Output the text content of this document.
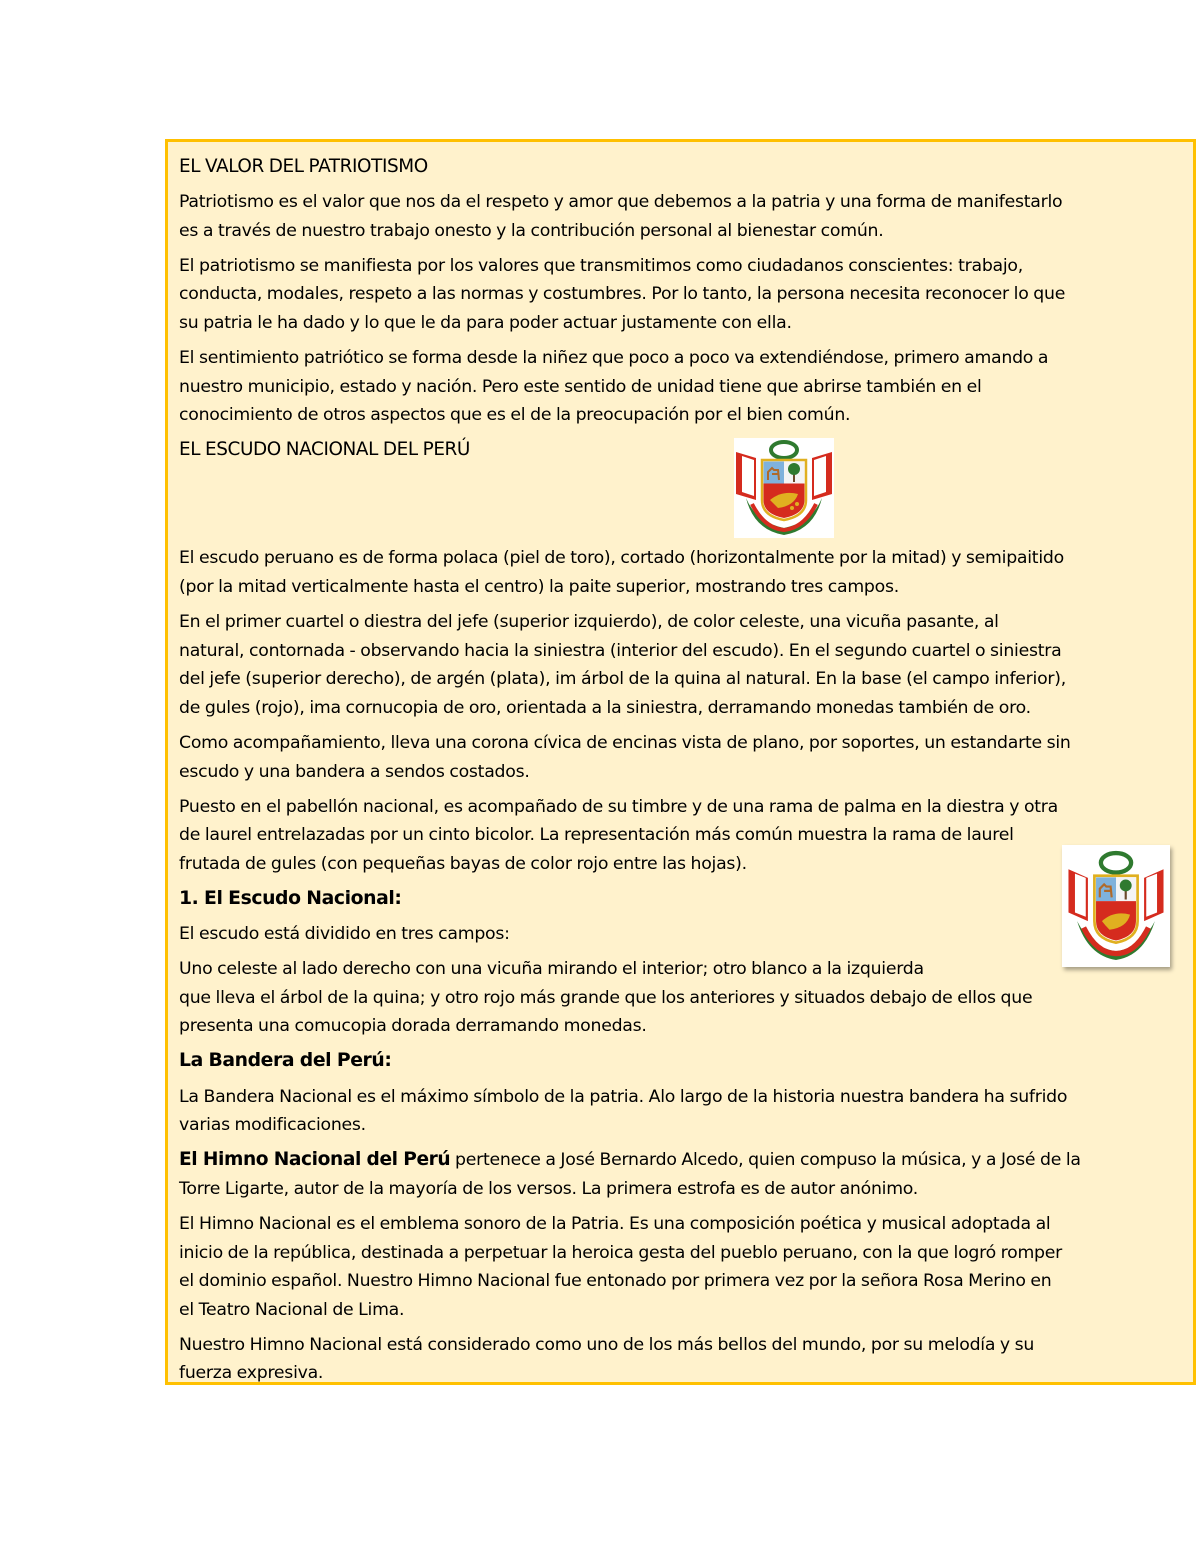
EL VALOR DEL PATRIOTISMO

Patriotismo es el valor que nos da el respeto y amor que debemos a la patria y una forma de manifestarlo
es a través de nuestro trabajo onesto y la contribución personal al bienestar común.

El patriotismo se manifiesta por los valores que transmitimos como ciudadanos conscientes: trabajo,
conducta, modales, respeto a las normas y costumbres. Por lo tanto, la persona necesita reconocer lo que
su patria le ha dado y lo que le da para poder actuar justamente con ella.

El sentimiento patriótico se forma desde la niñez que poco a poco va extendiéndose, primero amando a
nuestro municipio, estado y nación. Pero este sentido de unidad tiene que abrirse también en el
conocimiento de otros aspectos que es el de la preocupación por el bien común.

EL ESCUDO NACIONAL DEL PERÚ

El escudo peruano es de forma polaca (piel de toro), cortado (horizontalmente por la mitad) y semipaitido
(por la mitad verticalmente hasta el centro) la paite superior, mostrando tres campos.

En el primer cuartel o diestra del jefe (superior izquierdo), de color celeste, una vicuña pasante, al
natural, contornada - observando hacia la siniestra (interior del escudo). En el segundo cuartel o siniestra
del jefe (superior derecho), de argén (plata), im árbol de la quina al natural. En la base (el campo inferior),
de gules (rojo), ima cornucopia de oro, orientada a la siniestra, derramando monedas también de oro.

Como acompañamiento, lleva una corona cívica de encinas vista de plano, por soportes, un estandarte sin
escudo y una bandera a sendos costados.

Puesto en el pabellón nacional, es acompañado de su timbre y de una rama de palma en la diestra y otra
de laurel entrelazadas por un cinto bicolor. La representación más común muestra la rama de laurel
frutada de gules (con pequeñas bayas de color rojo entre las hojas).

1. El Escudo Nacional:

El escudo está dividido en tres campos:

Uno celeste al lado derecho con una vicuña mirando el interior; otro blanco a la izquierda
que lleva el árbol de la quina; y otro rojo más grande que los anteriores y situados debajo de ellos que
presenta una comucopia dorada derramando monedas.

La Bandera del Perú:

La Bandera Nacional es el máximo símbolo de la patria. Alo largo de la historia nuestra bandera ha sufrido
varias modificaciones.

El Himno Nacional del Perú pertenece a José Bernardo Alcedo, quien compuso la música, y a José de la
Torre Ligarte, autor de la mayoría de los versos. La primera estrofa es de autor anónimo.

El Himno Nacional es el emblema sonoro de la Patria. Es una composición poética y musical adoptada al
inicio de la república, destinada a perpetuar la heroica gesta del pueblo peruano, con la que logró romper
el dominio español. Nuestro Himno Nacional fue entonado por primera vez por la señora Rosa Merino en
el Teatro Nacional de Lima.

Nuestro Himno Nacional está considerado como uno de los más bellos del mundo, por su melodía y su
fuerza expresiva.
